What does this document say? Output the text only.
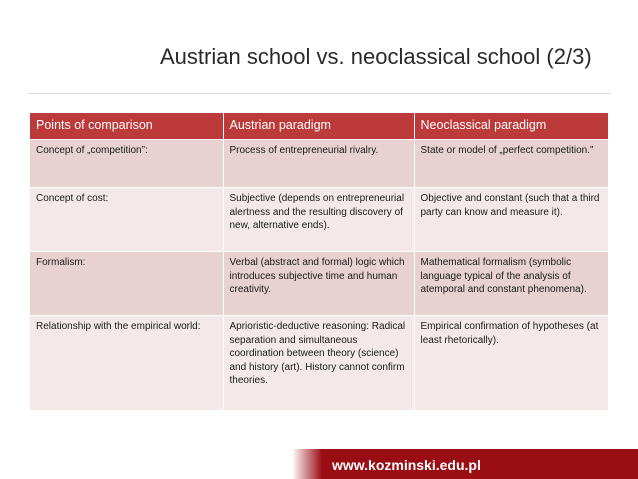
Austrian school vs. neoclassical school (2/3)
Points of comparison	Austrian paradigm	Neoclassical paradigm
Concept of „competition”:	Process of entrepreneurial rivalry.	State or model of „perfect competition.”
Concept of cost:	Subjective (depends on entrepreneurial alertness and the resulting discovery of new, alternative ends).	Objective and constant (such that a third party can know and measure it).
Formalism:	Verbal (abstract and formal) logic which introduces subjective time and human creativity.	Mathematical formalism (symbolic language typical of the analysis of atemporal and constant phenomena).
Relationship with the empirical world:	Aprioristic-deductive reasoning: Radical separation and simultaneous coordination between theory (science) and history (art). History cannot confirm theories.	Empirical confirmation of hypotheses (at least rhetorically).
www.kozminski.edu.pl
